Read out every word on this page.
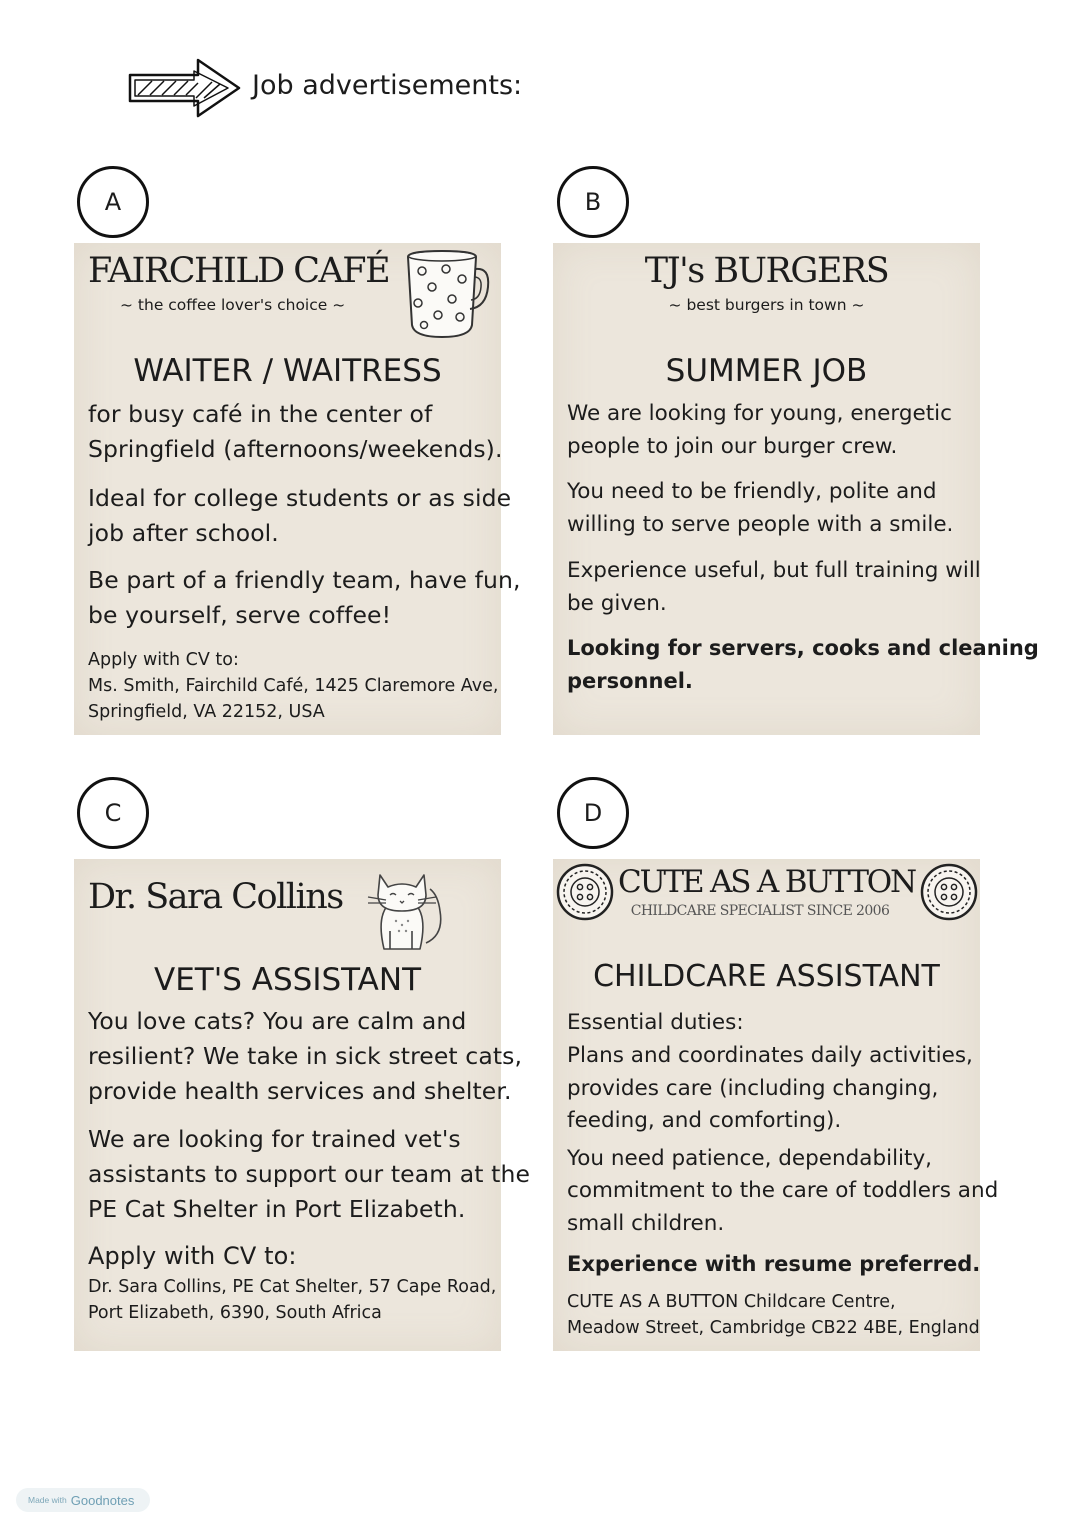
Job advertisements:
A
FAIRCHILD CAFÉ
~ the coffee lover's choice ~
WAITER / WAITRESS
for busy café in the center of
Springfield (afternoons/weekends).
Ideal for college students or as side
job after school.
Be part of a friendly team, have fun,
be yourself, serve coffee!
Apply with CV to:
Ms. Smith, Fairchild Café, 1425 Claremore Ave,
Springfield, VA 22152, USA
B
TJ's BURGERS
~ best burgers in town ~
SUMMER JOB
We are looking for young, energetic
people to join our burger crew.
You need to be friendly, polite and
willing to serve people with a smile.
Experience useful, but full training will
be given.
Looking for servers, cooks and cleaning
personnel.
C
Dr. Sara Collins
VET'S ASSISTANT
You love cats? You are calm and
resilient? We take in sick street cats,
provide health services and shelter.
We are looking for trained vet's
assistants to support our team at the
PE Cat Shelter in Port Elizabeth.
Apply with CV to:
Dr. Sara Collins, PE Cat Shelter, 57 Cape Road,
Port Elizabeth, 6390, South Africa
D
CUTE AS A BUTTON
CHILDCARE SPECIALIST SINCE 2006
CHILDCARE ASSISTANT
Essential duties:
Plans and coordinates daily activities,
provides care (including changing,
feeding, and comforting).
You need patience, dependability,
commitment to the care of toddlers and
small children.
Experience with resume preferred.
CUTE AS A BUTTON Childcare Centre,
Meadow Street, Cambridge CB22 4BE, England
Made with Goodnotes
